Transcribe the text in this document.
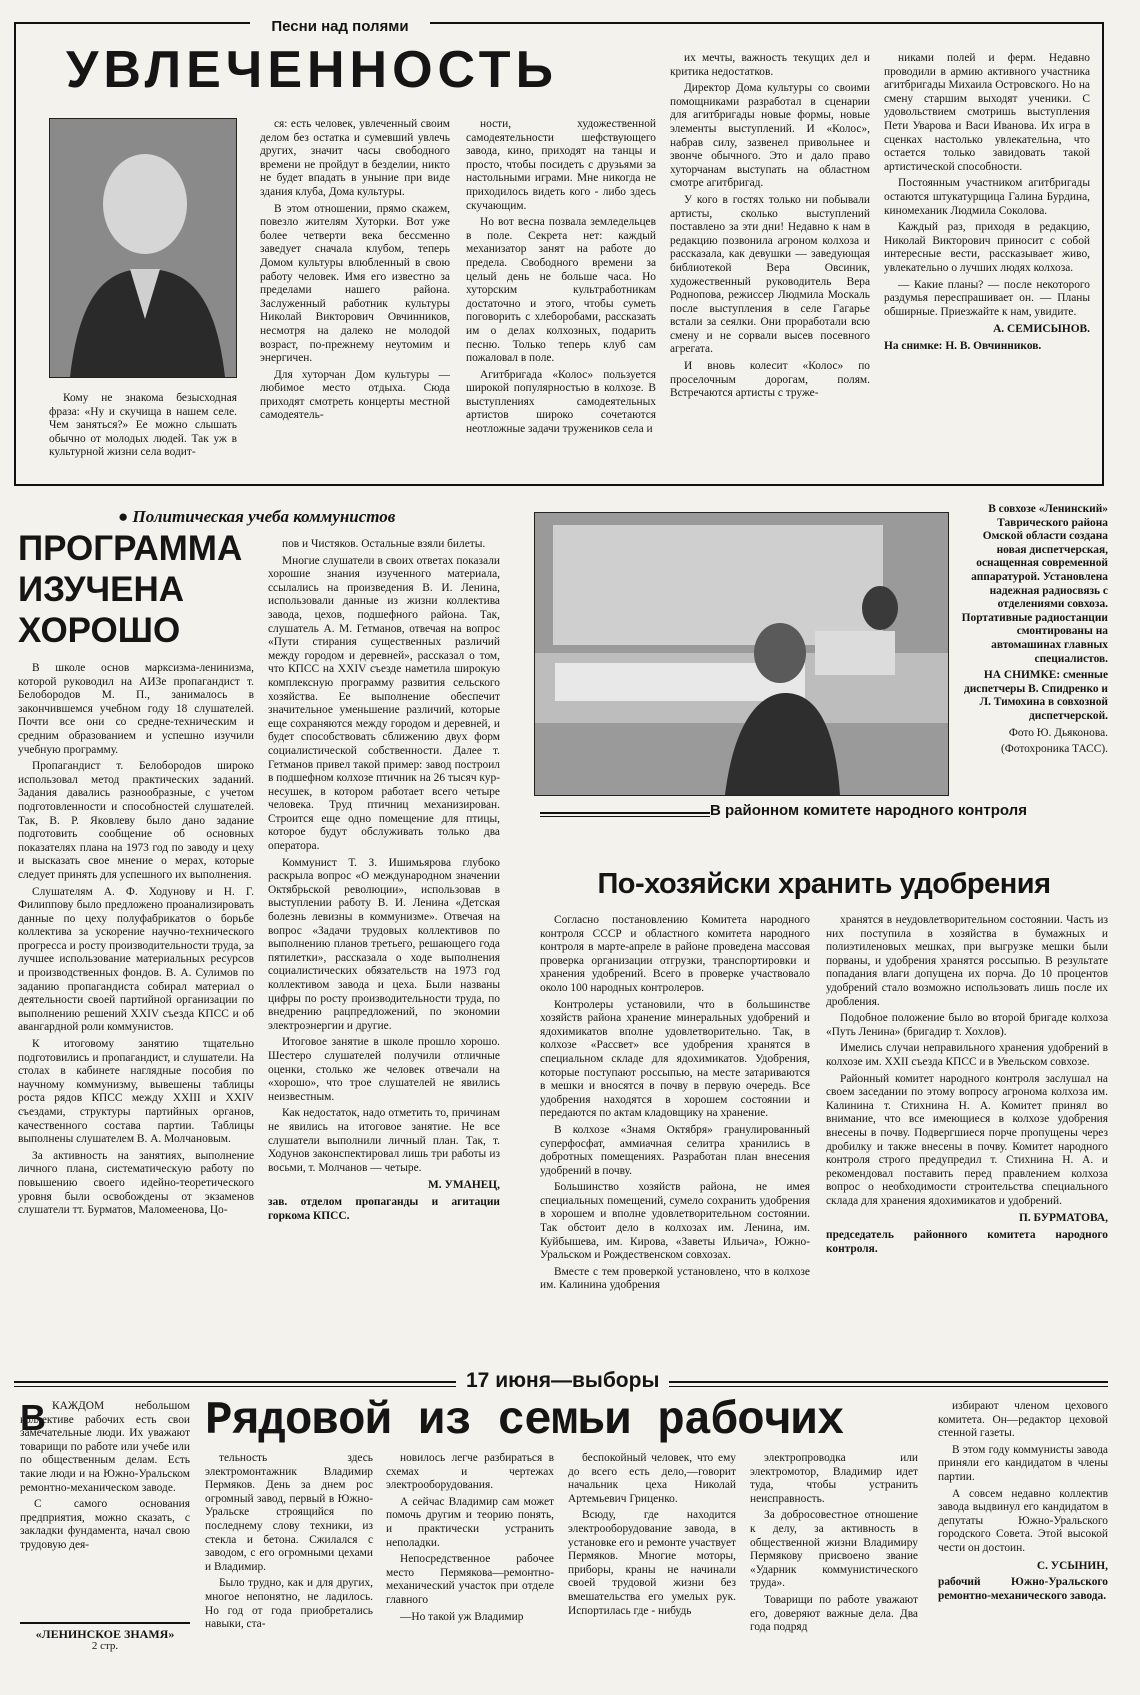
Песни над полями
УВЛЕЧЕННОСТЬ

Кому не знакома безысходная фраза: «Ну и скучища в нашем селе. Чем заняться?» Ее можно слышать обычно от молодых людей. Так уж в культурной жизни села водит-

ся: есть человек, увлеченный своим делом без остатка и сумевший увлечь других, значит часы свободного времени не пройдут в безделии, никто не будет впадать в уныние при виде здания клуба, Дома культуры.

В этом отношении, прямо скажем, повезло жителям Хуторки. Вот уже более четверти века бессменно заведует сначала клубом, теперь Домом культуры влюбленный в свою работу человек. Имя его известно за пределами нашего района. Заслуженный работник культуры Николай Викторович Овчинников, несмотря на далеко не молодой возраст, по-прежнему неутомим и энергичен.

Для хуторчан Дом культуры — любимое место отдыха. Сюда приходят смотреть концерты местной самодеятель-

ности, художественной самодеятельности шефствующего завода, кино, приходят на танцы и просто, чтобы посидеть с друзьями за настольными играми. Мне никогда не приходилось видеть кого - либо здесь скучающим.

Но вот весна позвала земледельцев в поле. Секрета нет: каждый механизатор занят на работе до предела. Свободного времени за целый день не больше часа. Но хуторским культработникам достаточно и этого, чтобы суметь поговорить с хлеборобами, рассказать им о делах колхозных, подарить песню. Только теперь клуб сам пожаловал в поле.

Агитбригада «Колос» пользуется широкой популярностью в колхозе. В выступлениях самодеятельных артистов широко сочетаются неотложные задачи тружеников села и

их мечты, важность текущих дел и критика недостатков.

Директор Дома культуры со своими помощниками разработал в сценарии для агитбригады новые формы, новые элементы выступлений. И «Колос», набрав силу, зазвенел привольнее и звонче обычного. Это и дало право хуторчанам выступать на областном смотре агитбригад.

У кого в гостях только ни побывали артисты, сколько выступлений поставлено за эти дни! Недавно к нам в редакцию позвонила агроном колхоза и рассказала, как девушки — заведующая библиотекой Вера Овсиник, художественный руководитель Вера Роднопова, режиссер Людмила Москаль после выступления в селе Гагарье встали за сеялки. Они проработали всю смену и не сорвали высев посевного агрегата.

И вновь колесит «Колос» по проселочным дорогам, полям. Встречаются артисты с труже-

никами полей и ферм. Недавно проводили в армию активного участника агитбригады Михаила Островского. Но на смену старшим выходят ученики. С удовольствием смотришь выступления Пети Уварова и Васи Иванова. Их игра в сценках настолько увлекательна, что остается только завидовать такой артистической способности.

Постоянным участником агитбригады остаются штукатурщица Галина Бурдина, киномеханик Людмила Соколова.

Каждый раз, приходя в редакцию, Николай Викторович приносит с собой интересные вести, рассказывает живо, увлекательно о лучших людях колхоза.

— Какие планы? — после некоторого раздумья переспрашивает он. — Планы обширные. Приезжайте к нам, увидите.

А. СЕМИСЫНОВ.

На снимке: Н. В. Овчинников.

● Политическая учеба коммунистов
ПРОГРАММА
ИЗУЧЕНА
ХОРОШО

В школе основ марксизма-ленинизма, которой руководил на АИЗе пропагандист т. Белобородов М. П., занималось в закончившемся учебном году 18 слушателей. Почти все они со средне-техническим и средним образованием и успешно изучили учебную программу.

Пропагандист т. Белобородов широко использовал метод практических заданий. Задания давались разнообразные, с учетом подготовленности и способностей слушателей. Так, В. Р. Яковлеву было дано задание подготовить сообщение об основных показателях плана на 1973 год по заводу и цеху и высказать свое мнение о мерах, которые следует принять для успешного их выполнения.

Слушателям А. Ф. Ходунову и Н. Г. Филиппову было предложено проанализировать данные по цеху полуфабрикатов о борьбе коллектива за ускорение научно-технического прогресса и росту производительности труда, за лучшее использование материальных ресурсов и производственных фондов. В. А. Сулимов по заданию пропагандиста собирал материал о деятельности своей партийной организации по выполнению решений XXIV съезда КПСС и об авангардной роли коммунистов.

К итоговому занятию тщательно подготовились и пропагандист, и слушатели. На столах в кабинете наглядные пособия по научному коммунизму, вывешены таблицы роста рядов КПСС между XXIII и XXIV съездами, структуры партийных органов, качественного состава партии. Таблицы выполнены слушателем В. А. Молчановым.

За активность на занятиях, выполнение личного плана, систематическую работу по повышению своего идейно-теоретического уровня были освобождены от экзаменов слушатели тт. Бурматов, Маломеенова, Цо-

пов и Чистяков. Остальные взяли билеты.

Многие слушатели в своих ответах показали хорошие знания изученного материала, ссылались на произведения В. И. Ленина, использовали данные из жизни коллектива завода, цехов, подшефного района. Так, слушатель А. М. Гетманов, отвечая на вопрос «Пути стирания существенных различий между городом и деревней», рассказал о том, что КПСС на XXIV съезде наметила широкую комплексную программу развития сельского хозяйства. Ее выполнение обеспечит значительное уменьшение различий, которые еще сохраняются между городом и деревней, и будет способствовать сближению двух форм социалистической собственности. Далее т. Гетманов привел такой пример: завод построил в подшефном колхозе птичник на 26 тысяч кур-несушек, в котором работает всего четыре человека. Труд птичниц механизирован. Строится еще одно помещение для птицы, которое будут обслуживать только два оператора.

Коммунист Т. З. Ишимьярова глубоко раскрыла вопрос «О международном значении Октябрьской революции», использовав в выступлении работу В. И. Ленина «Детская болезнь левизны в коммунизме». Отвечая на вопрос «Задачи трудовых коллективов по выполнению планов третьего, решающего года пятилетки», рассказала о ходе выполнения социалистических обязательств на 1973 год коллективом завода и цеха. Были названы цифры по росту производительности труда, по внедрению рацпредложений, по экономии электроэнергии и другие.

Итоговое занятие в школе прошло хорошо. Шестеро слушателей получили отличные оценки, столько же человек отвечали на «хорошо», что трое слушателей не явились неизвестным.

Как недостаток, надо отметить то, причинам не явились на итоговое занятие. Не все слушатели выполнили личный план. Так, т. Ходунов законспектировал лишь три работы из восьми, т. Молчанов — четыре.

М. УМАНЕЦ,

зав. отделом пропаганды и агитации горкома КПСС.

В совхозе «Ленинский» Таврического района Омской области создана новая диспетчерская, оснащенная современной аппаратурой. Установлена надежная радиосвязь с отделениями совхоза. Портативные радиостанции смонтированы на автомашинах главных специалистов.

НА СНИМКЕ: сменные диспетчеры В. Спидренко и Л. Тимохина в совхозной диспетчерской.

Фото Ю. Дьяконова.

(Фотохроника ТАСС).

В районном комитете народного контроля
По-хозяйски хранить удобрения

Согласно постановлению Комитета народного контроля СССР и областного комитета народного контроля в марте-апреле в районе проведена массовая проверка организации отгрузки, транспортировки и хранения удобрений. Всего в проверке участвовало около 100 народных контролеров.

Контролеры установили, что в большинстве хозяйств района хранение минеральных удобрений и ядохимикатов вполне удовлетворительно. Так, в колхозе «Рассвет» все удобрения хранятся в специальном складе для ядохимикатов. Удобрения, которые поступают россыпью, на месте затариваются в мешки и вносятся в почву в первую очередь. Все удобрения находятся в хорошем состоянии и передаются по актам кладовщику на хранение.

В колхозе «Знамя Октября» гранулированный суперфосфат, аммиачная селитра хранились в добротных помещениях. Разработан план внесения удобрений в почву.

Большинство хозяйств района, не имея специальных помещений, сумело сохранить удобрения в хорошем и вполне удовлетворительном состоянии. Так обстоит дело в колхозах им. Ленина, им. Куйбышева, им. Кирова, «Заветы Ильича», Южно-Уральском и Рождественском совхозах.

Вместе с тем проверкой установлено, что в колхозе им. Калинина удобрения

хранятся в неудовлетворительном состоянии. Часть из них поступила в хозяйства в бумажных и полиэтиленовых мешках, при выгрузке мешки были порваны, и удобрения хранятся россыпью. В результате попадания влаги допущена их порча. До 10 процентов удобрений стало возможно использовать лишь после их дробления.

Подобное положение было во второй бригаде колхоза «Путь Ленина» (бригадир т. Хохлов).

Имелись случаи неправильного хранения удобрений в колхозе им. XXII съезда КПСС и в Увельском совхозе.

Районный комитет народного контроля заслушал на своем заседании по этому вопросу агронома колхоза им. Калинина т. Стихнина Н. А. Комитет принял во внимание, что все имеющиеся в колхозе удобрения внесены в почву. Подвергшиеся порче пропущены через дробилку и также внесены в почву. Комитет народного контроля строго предупредил т. Стихнина Н. А. и рекомендовал поставить перед правлением колхоза вопрос о необходимости строительства специального склада для хранения ядохимикатов и удобрений.

П. БУРМАТОВА,

председатель районного комитета народного контроля.

17 июня—выборы
В КАЖДОМ небольшом коллективе рабочих есть свои замечательные люди. Их уважают товарищи по работе или учебе или по общественным делам. Есть такие люди и на Южно-Уральском ремонтно-механическом заводе.

С самого основания предприятия, можно сказать, с закладки фундамента, начал свою трудовую дея-

«ЛЕНИНСКОЕ ЗНАМЯ»
2 стр.
Рядовой из семьи рабочих

тельность здесь электромонтажник Владимир Пермяков. День за днем рос огромный завод, первый в Южно-Уральске строящийся по последнему слову техники, из стекла и бетона. Сжилался с заводом, с его огромными цехами и Владимир.

Было трудно, как и для других, многое непонятно, не ладилось. Но год от года приобретались навыки, ста-

новилось легче разбираться в схемах и чертежах электрооборудования.

А сейчас Владимир сам может помочь другим и теорию понять, и практически устранить неполадки.

Непосредственное рабочее место Пермякова—ремонтно-механический участок при отделе главного

—Но такой уж Владимир

беспокойный человек, что ему до всего есть дело,—говорит начальник цеха Николай Артемьевич Гриценко.

Всюду, где находится электрооборудование завода, в установке его и ремонте участвует Пермяков. Многие моторы, приборы, краны не начинали своей трудовой жизни без вмешательства его умелых рук. Испортилась где - нибудь

электропроводка или электромотор, Владимир идет туда, чтобы устранить неисправность.

За добросовестное отношение к делу, за активность в общественной жизни Владимиру Пермякову присвоено звание «Ударник коммунистического труда».

Товарищи по работе уважают его, доверяют важные дела. Два года подряд

избирают членом цехового комитета. Он—редактор цеховой стенной газеты.

В этом году коммунисты завода приняли его кандидатом в члены партии.

А совсем недавно коллектив завода выдвинул его кандидатом в депутаты Южно-Уральского городского Совета. Этой высокой чести он достоин.

С. УСЫНИН,

рабочий Южно-Уральского ремонтно-механического завода.
